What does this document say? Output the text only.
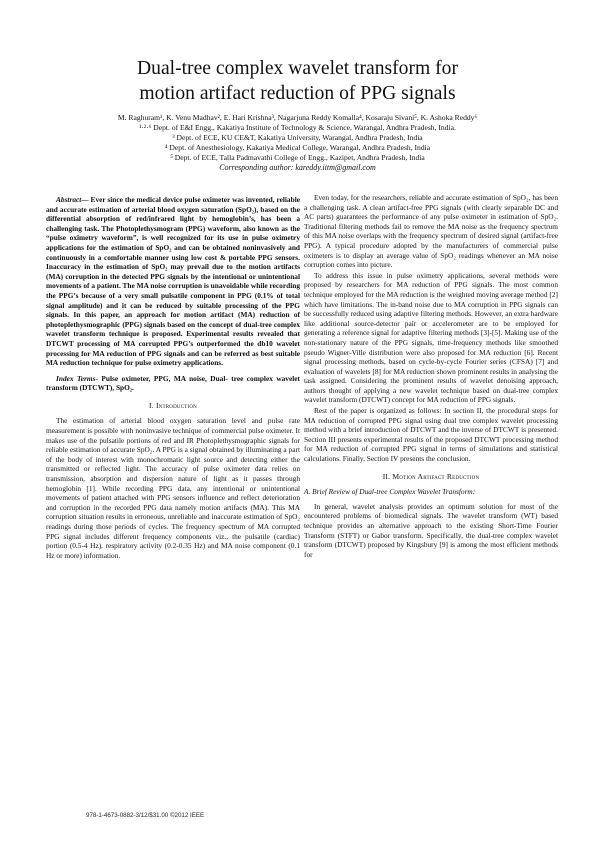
Dual-tree complex wavelet transform for
motion artifact reduction of PPG signals
M. Raghuram¹, K. Venu Madhav², E. Hari Krishna³, Nagarjuna Reddy Komalla⁴, Kosaraju Sivani⁵, K. Ashoka Reddy⁶
¹·²·⁶ Dept. of E&I Engg., Kakatiya Institute of Technology & Science, Warangal, Andhra Pradesh, India.
³ Dept. of ECE, KU CE&T, Kakatiya University, Warangal, Andhra Pradesh, India
⁴ Dept. of Anesthesiology, Kakatiya Medical College, Warangal, Andhra Pradesh, India
⁵ Dept. of ECE, Talla Padmavathi College of Engg., Kazipet, Andhra Pradesh, India
Corresponding author: kareddy.iitm@gmail.com

Abstract— Ever since the medical device pulse oximeter was invented, reliable and accurate estimation of arterial blood oxygen saturation (SpO₂), based on the differential absorption of red/infrared light by hemoglobin’s, has been a challenging task. The Photoplethysmogram (PPG) waveform, also known as the “pulse oximetry waveform”, is well recognized for its use in pulse oximetry applications for the estimation of SpO₂ and can be obtained noninvasively and continuously in a comfortable manner using low cost & portable PPG sensors. Inaccuracy in the estimation of SpO₂ may prevail due to the motion artifacts (MA) corruption in the detected PPG signals by the intentional or unintentional movements of a patient. The MA noise corruption is unavoidable while recording the PPG’s because of a very small pulsatile component in PPG (0.1% of total signal amplitude) and it can be reduced by suitable processing of the PPG signals. In this paper, an approach for motion artifact (MA) reduction of photoplethysmographic (PPG) signals based on the concept of dual-tree complex wavelet transform technique is proposed. Experimental results revealed that DTCWT processing of MA corrupted PPG’s outperformed the db10 wavelet processing for MA reduction of PPG signals and can be referred as best suitable MA reduction technique for pulse oximetry applications.

Index Terms- Pulse oximeter, PPG, MA noise, Dual- tree complex wavelet transform (DTCWT), SpO₂.

I. Introduction

The estimation of arterial blood oxygen saturation level and pulse rate measurement is possible with noninvasive technique of commercial pulse oximeter. It makes use of the pulsatile portions of red and IR Photoplethysmographic signals for reliable estimation of accurate SpO₂. A PPG is a signal obtained by illuminating a part of the body of interest with monochromatic light source and detecting either the transmitted or reflected light. The accuracy of pulse oximeter data relies on transmission, absorption and dispersion nature of light as it passes through hemoglobin [1]. While recording PPG data, any intentional or unintentional movements of patient attached with PPG sensors influence and reflect deterioration and corruption in the recorded PPG data namely motion artifacts (MA). This MA corruption situation results in erroneous, unreliable and inaccurate estimation of SpO₂ readings during those periods of cycles. The frequency spectrum of MA corrupted PPG signal includes different frequency components viz., the pulsatile (cardiac) portion (0.5-4 Hz), respiratory activity (0.2-0.35 Hz) and MA noise component (0.1 Hz or more) information.

Even today, for the researchers, reliable and accurate estimation of SpO₂, has been a challenging task. A clean artifact-free PPG signals (with clearly separable DC and AC parts) guarantees the performance of any pulse oximeter in estimation of SpO₂. Traditional filtering methods fail to remove the MA noise as the frequency spectrum of this MA noise overlaps with the frequency spectrum of desired signal (artifact-free PPG). A typical procedure adopted by the manufacturers of commercial pulse oximeters is to display an average value of SpO₂ readings whenever an MA noise corruption comes into picture.

To address this issue in pulse oximetry applications, several methods were proposed by researchers for MA reduction of PPG signals. The most common technique employed for the MA reduction is the weighted moving average method [2] which have limitations. The in-band noise due to MA corruption in PPG signals can be successfully reduced using adaptive filtering methods. However, an extra hardware like additional source-detector pair or accelerometer are to be employed for generating a reference signal for adaptive filtering methods [3]-[5]. Making use of the non-stationary nature of the PPG signals, time-frequency methods like smoothed pseudo Wigner-Ville distribution were also proposed for MA reduction [6]. Recent signal processing methods, based on cycle-by-cycle Fourier series (CFSA) [7] and evaluation of wavelets [8] for MA reduction shown prominent results in analysing the task assigned. Considering the prominent results of wavelet denoising approach, authors thought of applying a new wavelet technique based on dual-tree complex wavelet transform (DTCWT) concept for MA reduction of PPG signals.

Rest of the paper is organized as follows: In section II, the procedural steps for MA reduction of corrupted PPG signal using dual tree complex wavelet processing method with a brief introduction of DTCWT and the inverse of DTCWT is presented. Section III presents experimental results of the proposed DTCWT processing method for MA reduction of corrupted PPG signal in terms of simulations and statistical calculations. Finally, Section IV presents the conclusion.

II. Motion Artifact Reduction
A. Brief Review of Dual-tree Complex Wavelet Transform:

In general, wavelet analysis provides an optimum solution for most of the encountered problems of biomedical signals. The wavelet transform (WT) based technique provides an alternative approach to the existing Short-Time Fourier Transform (STFT) or Gabor transform. Specifically, the dual-tree complex wavelet transform (DTCWT) proposed by Kingsbury [9] is among the most efficient methods for

978-1-4673-0882-3/12/$31.00 ©2012 IEEE
